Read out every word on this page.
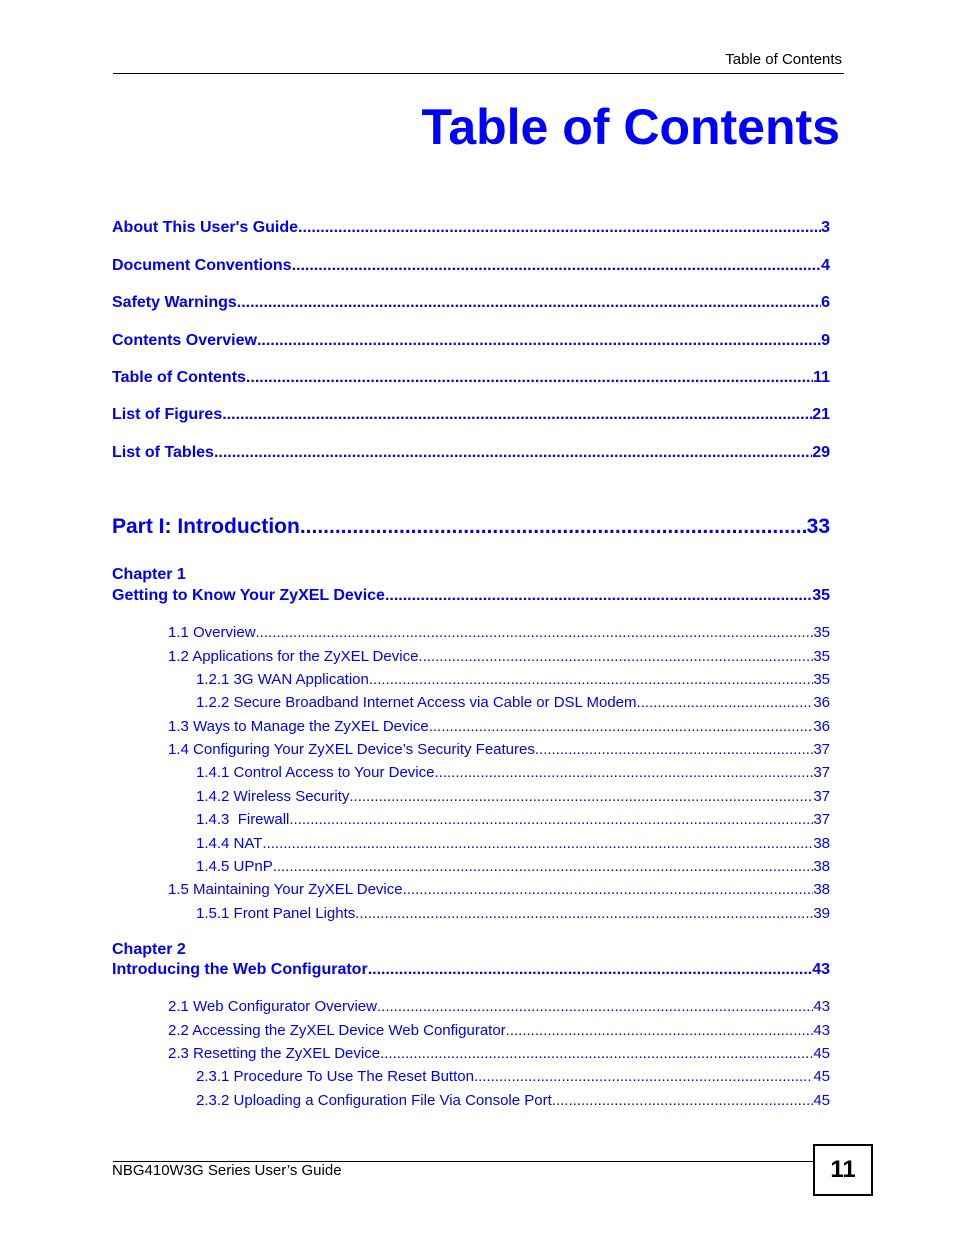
Table of Contents
Table of Contents
About This User's Guide .....	3
Document Conventions .....	4
Safety Warnings .....	6
Contents Overview .....	9
Table of Contents .....	11
List of Figures .....	21
List of Tables .....	29
Part I: Introduction .....	33
Chapter 1
Getting to Know Your ZyXEL Device .....	35
1.1 Overview .....	35
1.2 Applications for the ZyXEL Device .....	35
1.2.1 3G WAN Application .....	35
1.2.2 Secure Broadband Internet Access via Cable or DSL Modem .....	36
1.3 Ways to Manage the ZyXEL Device .....	36
1.4 Configuring Your ZyXEL Device’s Security Features .....	37
1.4.1 Control Access to Your Device .....	37
1.4.2 Wireless Security .....	37
1.4.3  Firewall .....	37
1.4.4 NAT .....	38
1.4.5 UPnP .....	38
1.5 Maintaining Your ZyXEL Device .....	38
1.5.1 Front Panel Lights .....	39
Chapter 2
Introducing the Web Configurator .....	43
2.1 Web Configurator Overview .....	43
2.2 Accessing the ZyXEL Device Web Configurator .....	43
2.3 Resetting the ZyXEL Device .....	45
2.3.1 Procedure To Use The Reset Button .....	45
2.3.2 Uploading a Configuration File Via Console Port .....	45
NBG410W3G Series User’s Guide	11
